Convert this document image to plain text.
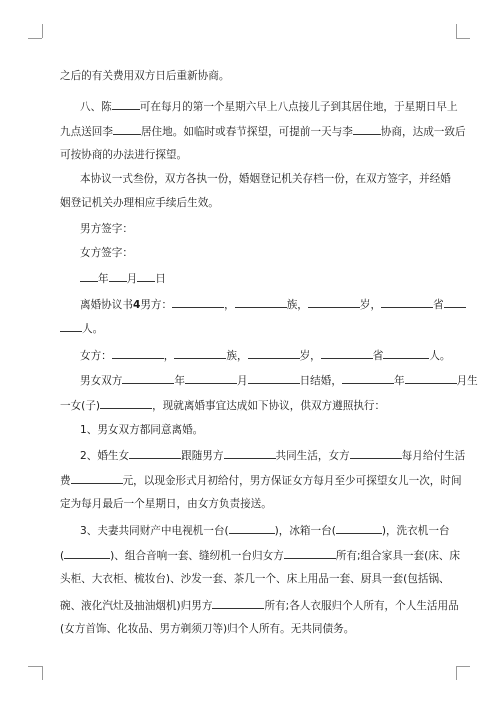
之后的有关费用双方日后重新协商。
八、陈	可在每月的第一个星期六早上八点接儿子到其居住地，于星期日早上
九点送回李	居住地。如临时或春节探望，可提前一天与李	协商，达成一致后
可按协商的办法进行探望。
本协议一式叁份，双方各执一份，婚姻登记机关存档一份，在双方签字，并经婚
姻登记机关办理相应手续后生效。
男方签字：
女方签字：
年 月 日
离婚协议书4男方：	，	族，	岁，	省
人。
女方：	，	族，	岁，	省	人。
男女双方	年	月	日结婚，	年	月生
一女(子)	，现就离婚事宜达成如下协议，供双方遵照执行：
1、男女双方都同意离婚。
2、婚生女	跟随男方	共同生活，女方	每月给付生活
费	元，以现金形式月初给付，男方保证女方每月至少可探望女儿一次，时间
定为每月最后一个星期日，由女方负责接送。
3、夫妻共同财产中电视机一台(	)，冰箱一台(	)，洗衣机一台
(	)、组合音响一套、缝纫机一台归女方	所有;组合家具一套(床、床
头柜、大衣柜、梳妆台)、沙发一套、茶几一个、床上用品一套、厨具一套(包括锅、
碗、液化汽灶及抽油烟机)归男方	所有;各人衣服归个人所有，个人生活用品
(女方首饰、化妆品、男方剃须刀等)归个人所有。无共同债务。
